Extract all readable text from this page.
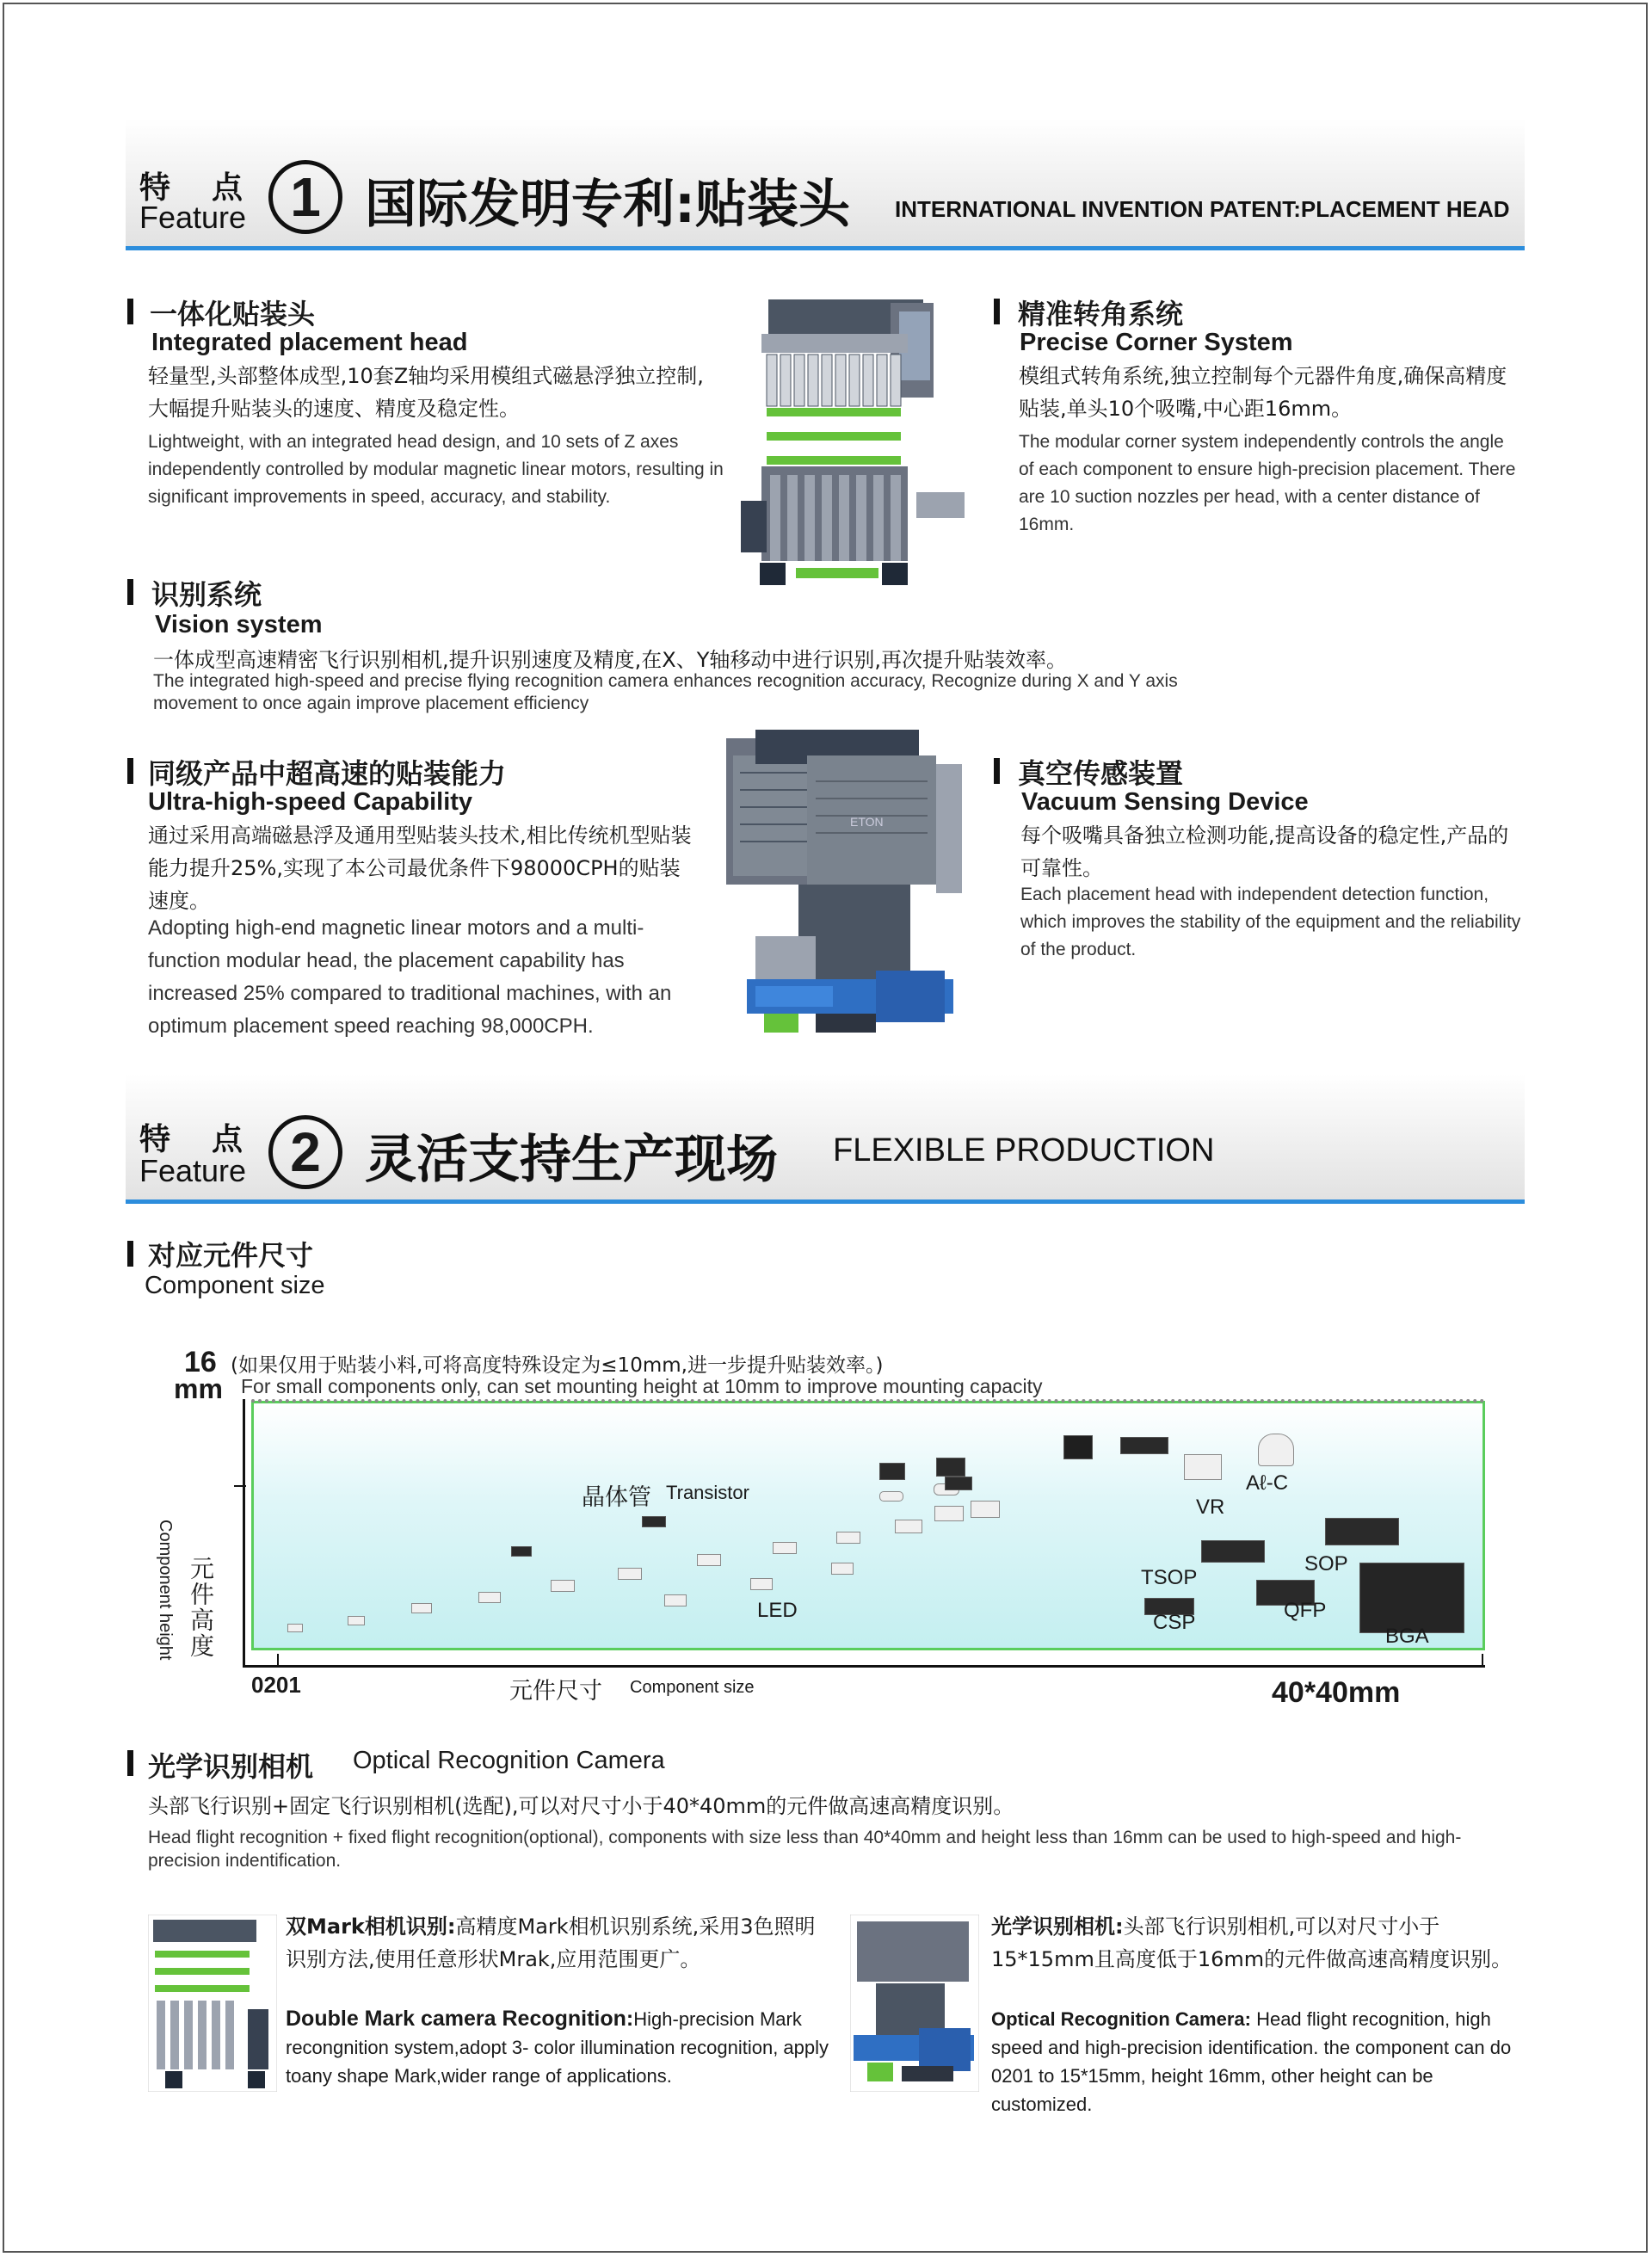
特点
Feature 1 国际发明专利:贴装头 INTERNATIONAL INVENTION PATENT:PLACEMENT HEAD
一体化贴装头
Integrated placement head
轻量型,头部整体成型,10套Z轴均采用模组式磁悬浮独立控制,大幅提升贴装头的速度、精度及稳定性。
Lightweight, with an integrated head design, and 10 sets of Z axes independently controlled by modular magnetic linear motors, resulting in significant improvements in speed, accuracy, and stability.
精准转角系统
Precise Corner System
模组式转角系统,独立控制每个元器件角度,确保高精度贴装,单头10个吸嘴,中心距16mm。
The modular corner system independently controls the angle of each component to ensure high-precision placement. There are 10 suction nozzles per head, with a center distance of 16mm.
识别系统
Vision system
一体成型高速精密飞行识别相机,提升识别速度及精度,在X、Y轴移动中进行识别,再次提升贴装效率。
The integrated high-speed and precise flying recognition camera enhances recognition accuracy, Recognize during X and Y axis movement to once again improve placement efficiency
同级产品中超高速的贴装能力
Ultra-high-speed Capability
通过采用高端磁悬浮及通用型贴装头技术,相比传统机型贴装能力提升25%,实现了本公司最优条件下98000CPH的贴装速度。
Adopting high-end magnetic linear motors and a multi-function modular head, the placement capability has increased 25% compared to traditional machines, with an optimum placement speed reaching 98,000CPH.
ETON
真空传感装置
Vacuum Sensing Device
每个吸嘴具备独立检测功能,提高设备的稳定性,产品的可靠性。
Each placement head with independent detection function, which improves the stability of the equipment and the reliability of the product.
特点
Feature 2 灵活支持生产现场 FLEXIBLE PRODUCTION
对应元件尺寸
Component size
16
mm
(如果仅用于贴装小料,可将高度特殊设定为≤10mm,进一步提升贴装效率。)
For small components only, can set mounting height at 10mm to improve mounting capacity
0201	元件尺寸 Component size	40*40mm
元件高度
Component height
晶体管 Transistor
LED
VR
Aℓ-C
TSOP
SOP
CSP
QFP
BGA
光学识别相机 Optical Recognition Camera
头部飞行识别+固定飞行识别相机(选配),可以对尺寸小于40*40mm的元件做高速高精度识别。
Head flight recognition + fixed flight recognition(optional), components with size less than 40*40mm and height less than 16mm can be used to high-speed and high-precision indentification.
双Mark相机识别:高精度Mark相机识别系统,采用3色照明识别方法,使用任意形状Mrak,应用范围更广。
Double Mark camera Recognition:High-precision Mark recongnition system,adopt 3- color illumination recognition, apply toany shape Mark,wider range of applications.
光学识别相机:头部飞行识别相机,可以对尺寸小于15*15mm且高度低于16mm的元件做高速高精度识别。
Optical Recognition Camera: Head flight recognition, high speed and high-precision identification. the component can do 0201 to 15*15mm, height 16mm, other height can be customized.
